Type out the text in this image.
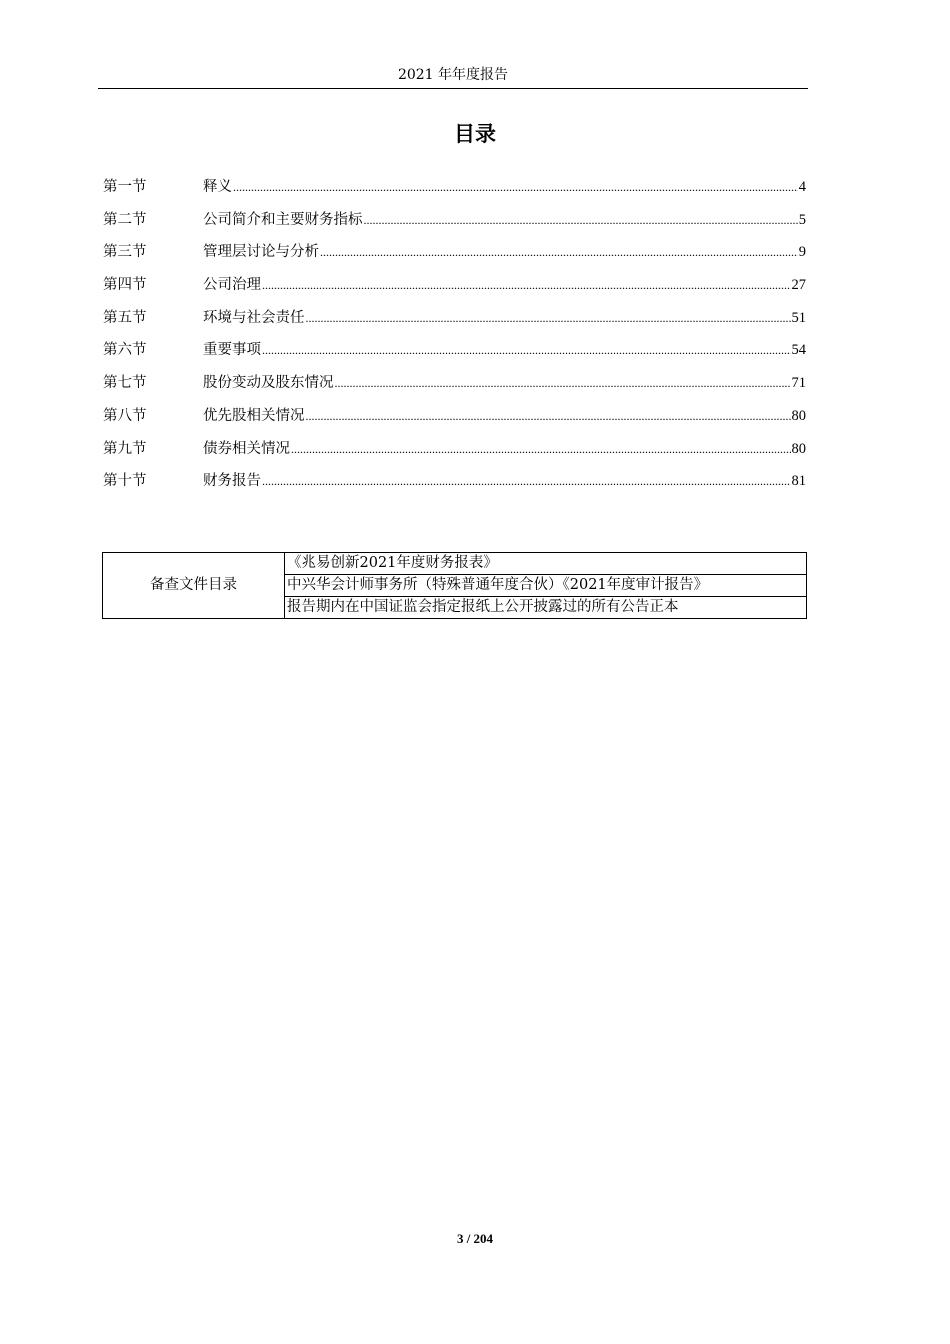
2021 年年度报告
目录
第一节	释义 .....	4
第二节	公司简介和主要财务指标 .....	5
第三节	管理层讨论与分析 .....	9
第四节	公司治理 .....	27
第五节	环境与社会责任 .....	51
第六节	重要事项 .....	54
第七节	股份变动及股东情况 .....	71
第八节	优先股相关情况 .....	80
第九节	债券相关情况 .....	80
第十节	财务报告 .....	81
备查文件目录	《兆易创新2021年度财务报表》
中兴华会计师事务所（特殊普通年度合伙）《2021年度审计报告》
报告期内在中国证监会指定报纸上公开披露过的所有公告正本
3 / 204
